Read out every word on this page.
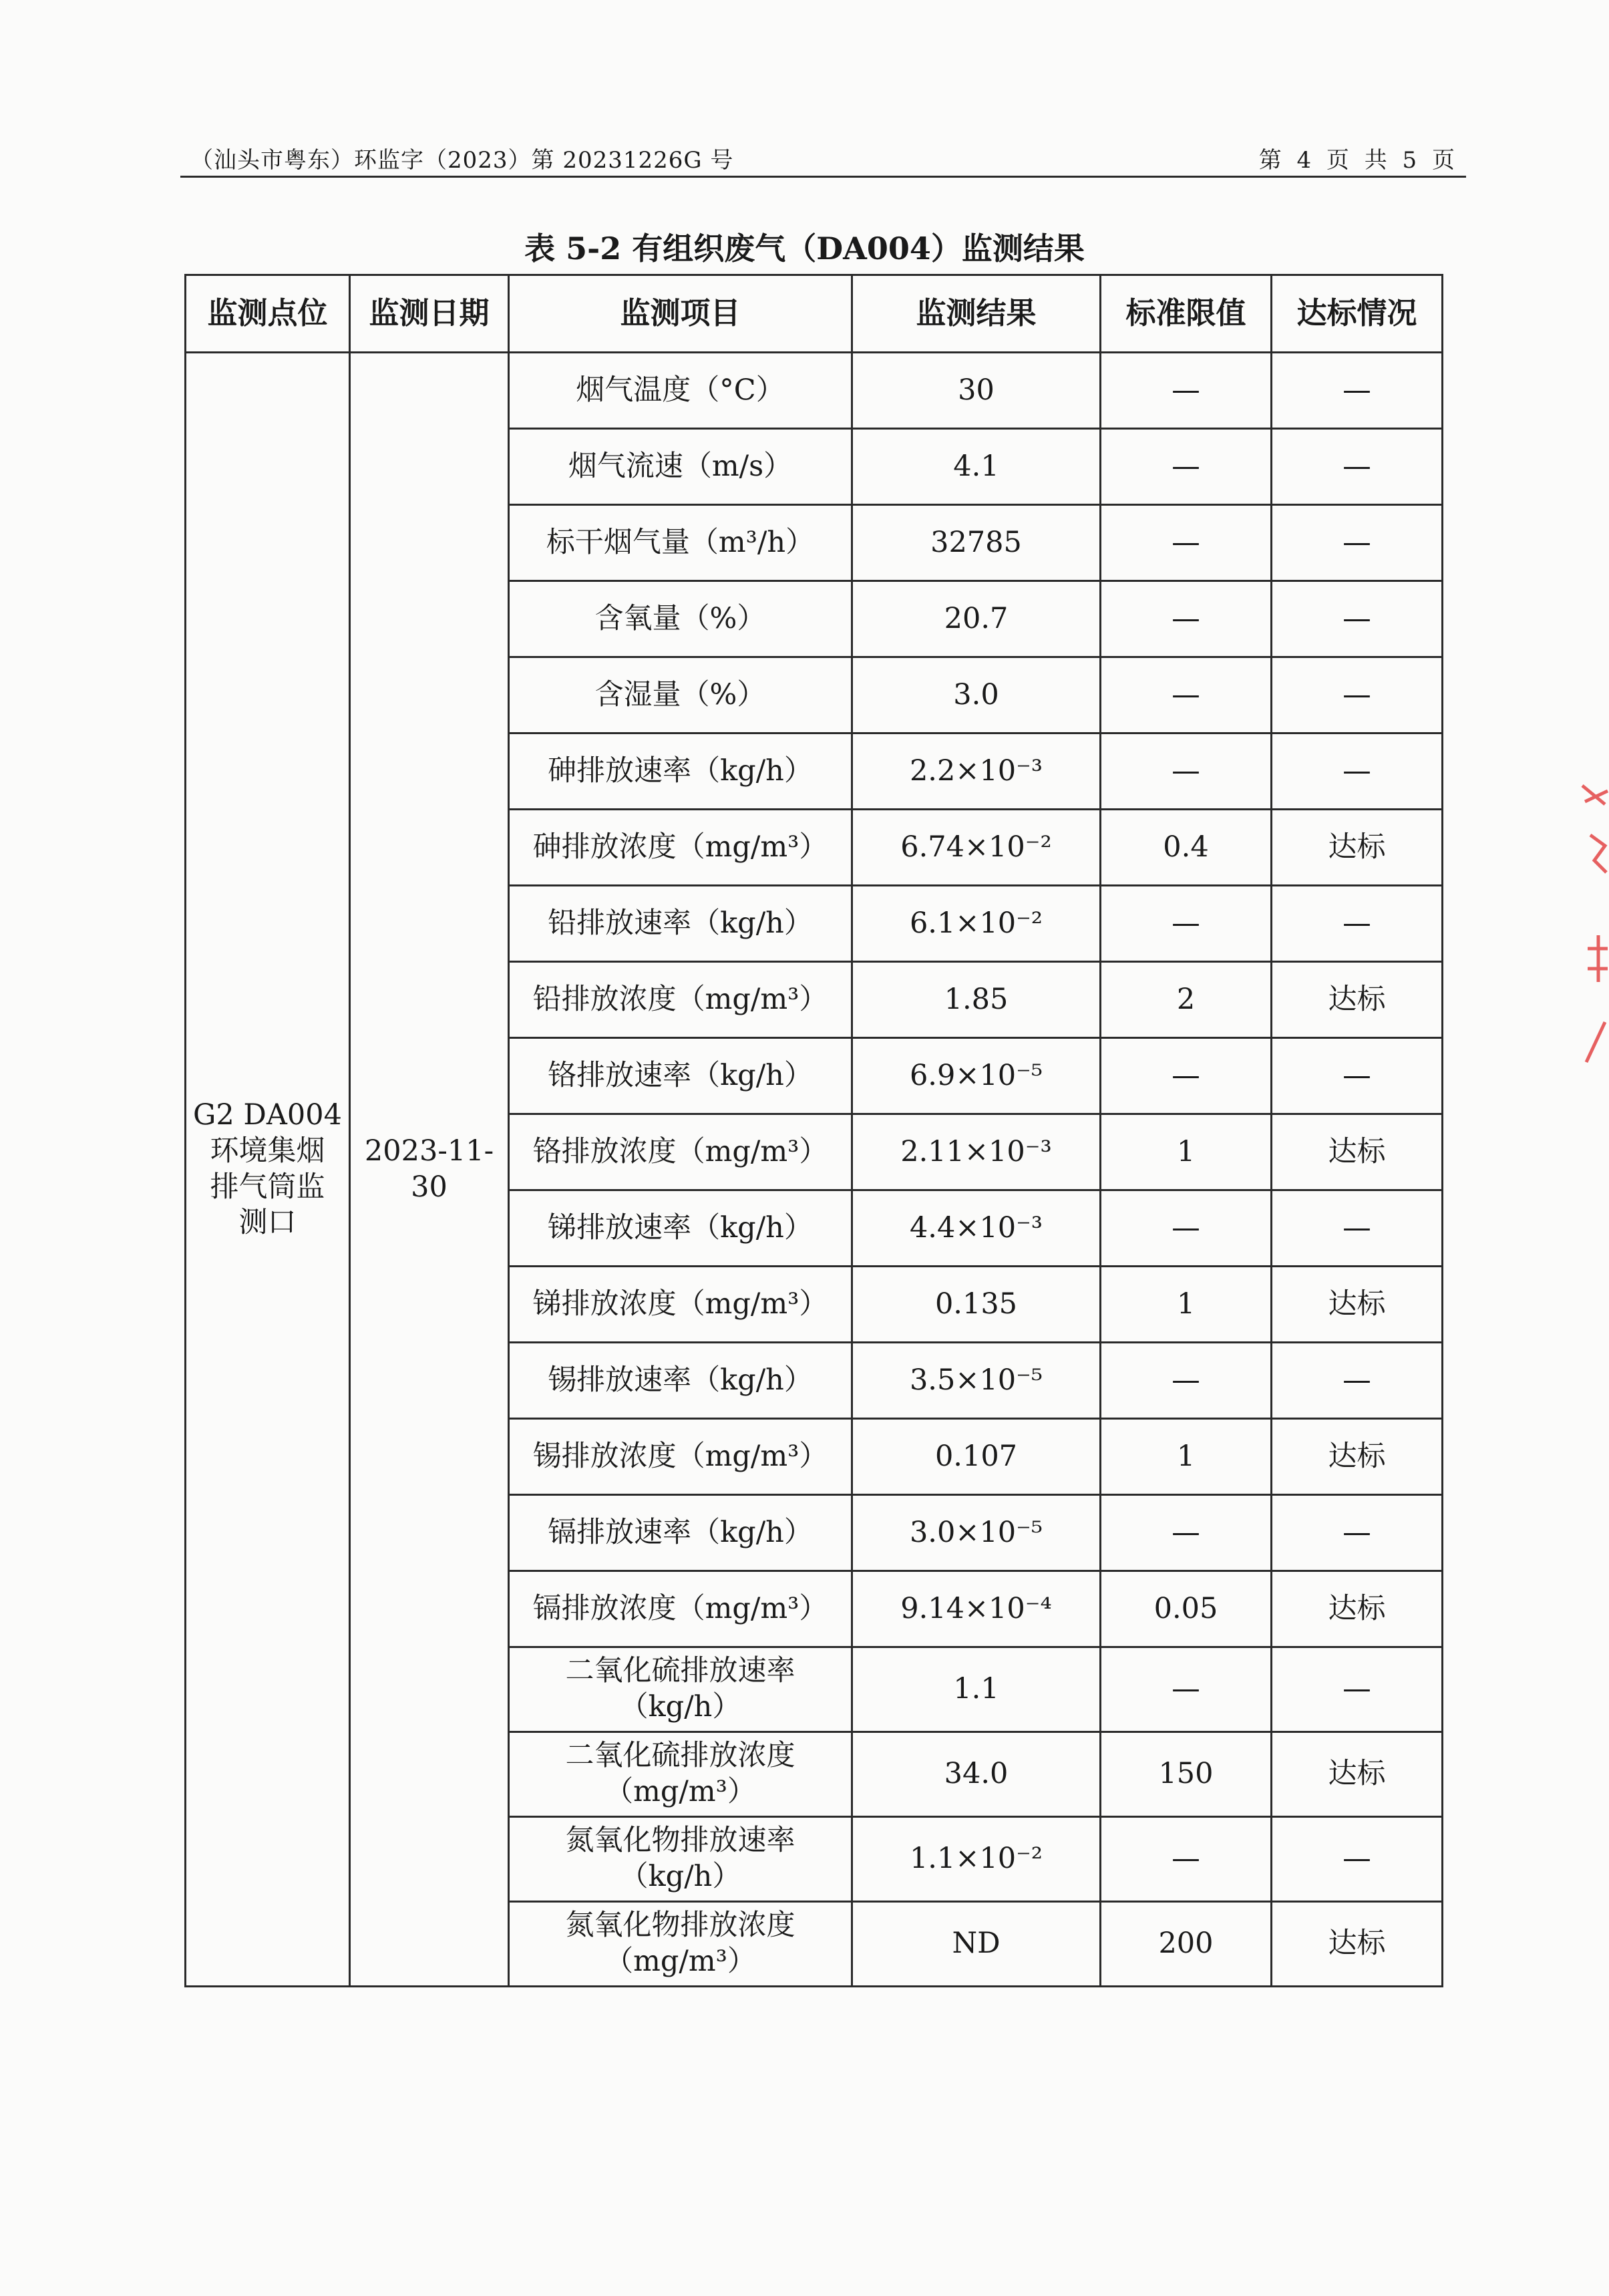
（汕头市粤东）环监字（2023）第 20231226G 号	第 4 页 共 5 页
表 5-2 有组织废气（DA004）监测结果
监测点位	监测日期	监测项目	监测结果	标准限值	达标情况

G2 DA004
环境集烟
排气筒监
测口	2023-11-30	烟气温度（°C）	30	—	—
		烟气流速（m/s）	4.1	—	—
		标干烟气量（m³/h）	32785	—	—
		含氧量（%）	20.7	—	—
		含湿量（%）	3.0	—	—
		砷排放速率（kg/h）	2.2×10⁻³	—	—
		砷排放浓度（mg/m³）	6.74×10⁻²	0.4	达标
		铅排放速率（kg/h）	6.1×10⁻²	—	—
		铅排放浓度（mg/m³）	1.85	2	达标
		铬排放速率（kg/h）	6.9×10⁻⁵	—	—
		铬排放浓度（mg/m³）	2.11×10⁻³	1	达标
		锑排放速率（kg/h）	4.4×10⁻³	—	—
		锑排放浓度（mg/m³）	0.135	1	达标
		锡排放速率（kg/h）	3.5×10⁻⁵	—	—
		锡排放浓度（mg/m³）	0.107	1	达标
		镉排放速率（kg/h）	3.0×10⁻⁵	—	—
		镉排放浓度（mg/m³）	9.14×10⁻⁴	0.05	达标

		二氧化硫排放速率
（kg/h）	1.1	—	—

		二氧化硫排放浓度
（mg/m³）	34.0	150	达标

		氮氧化物排放速率
（kg/h）	1.1×10⁻²	—	—

		氮氧化物排放浓度
（mg/m³）	ND	200	达标
